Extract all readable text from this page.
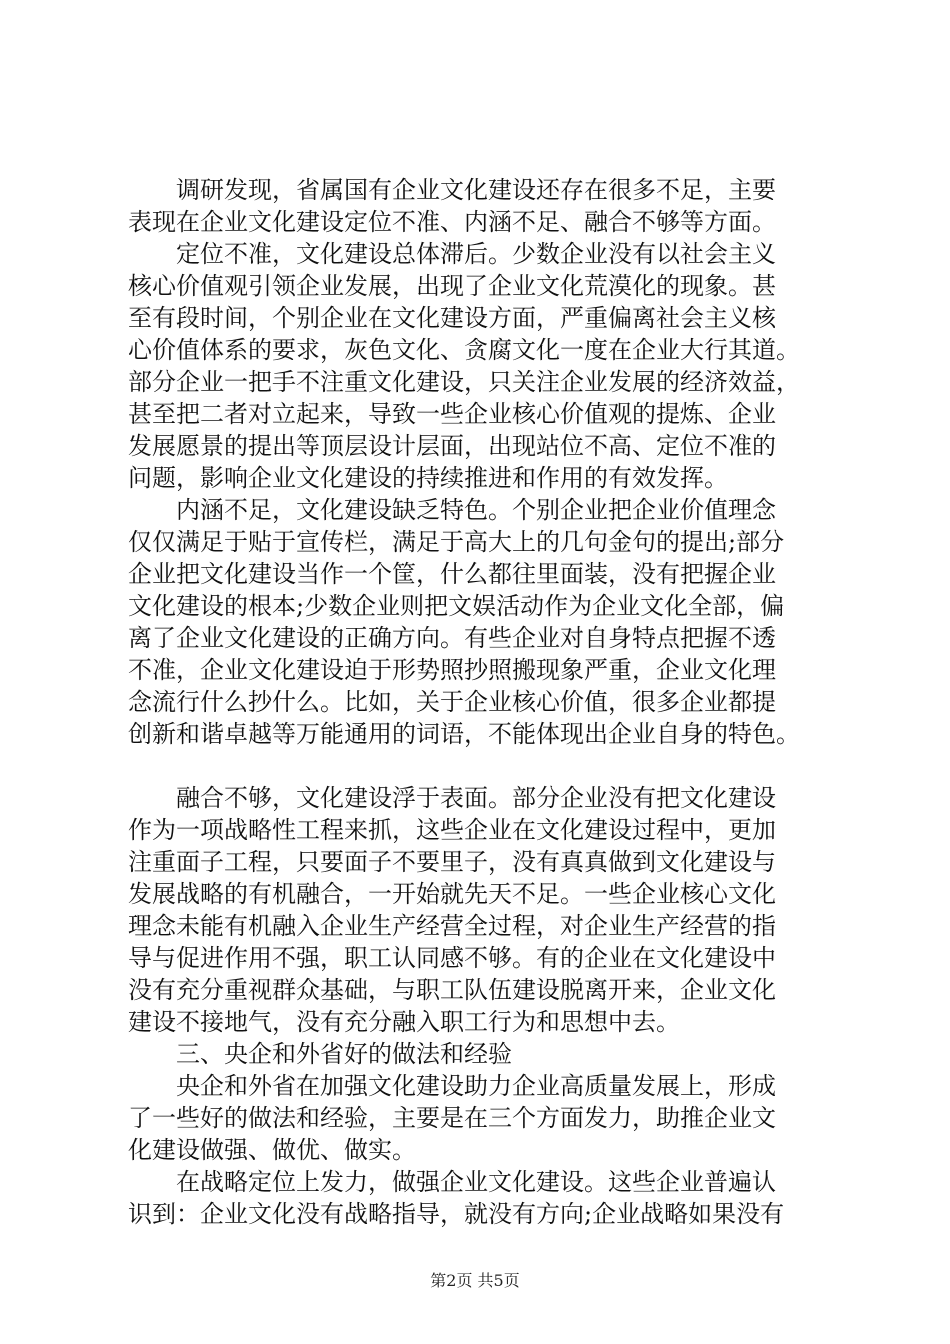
　　调研发现，省属国有企业文化建设还存在很多不足，主要
表现在企业文化建设定位不准、内涵不足、融合不够等方面。
　　定位不准，文化建设总体滞后。少数企业没有以社会主义
核心价值观引领企业发展，出现了企业文化荒漠化的现象。甚
至有段时间，个别企业在文化建设方面，严重偏离社会主义核
心价值体系的要求，灰色文化、贪腐文化一度在企业大行其道。
部分企业一把手不注重文化建设，只关注企业发展的经济效益，
甚至把二者对立起来，导致一些企业核心价值观的提炼、企业
发展愿景的提出等顶层设计层面，出现站位不高、定位不准的
问题，影响企业文化建设的持续推进和作用的有效发挥。
　　内涵不足，文化建设缺乏特色。个别企业把企业价值理念
仅仅满足于贴于宣传栏，满足于高大上的几句金句的提出;部分
企业把文化建设当作一个筐，什么都往里面装，没有把握企业
文化建设的根本;少数企业则把文娱活动作为企业文化全部，偏
离了企业文化建设的正确方向。有些企业对自身特点把握不透
不准，企业文化建设迫于形势照抄照搬现象严重，企业文化理
念流行什么抄什么。比如，关于企业核心价值，很多企业都提
创新和谐卓越等万能通用的词语，不能体现出企业自身的特色。
　　融合不够，文化建设浮于表面。部分企业没有把文化建设
作为一项战略性工程来抓，这些企业在文化建设过程中，更加
注重面子工程，只要面子不要里子，没有真真做到文化建设与
发展战略的有机融合，一开始就先天不足。一些企业核心文化
理念未能有机融入企业生产经营全过程，对企业生产经营的指
导与促进作用不强，职工认同感不够。有的企业在文化建设中
没有充分重视群众基础，与职工队伍建设脱离开来，企业文化
建设不接地气，没有充分融入职工行为和思想中去。
　　三、央企和外省好的做法和经验
　　央企和外省在加强文化建设助力企业高质量发展上，形成
了一些好的做法和经验，主要是在三个方面发力，助推企业文
化建设做强、做优、做实。
　　在战略定位上发力，做强企业文化建设。这些企业普遍认
识到：企业文化没有战略指导，就没有方向;企业战略如果没有
第2页 共5页
